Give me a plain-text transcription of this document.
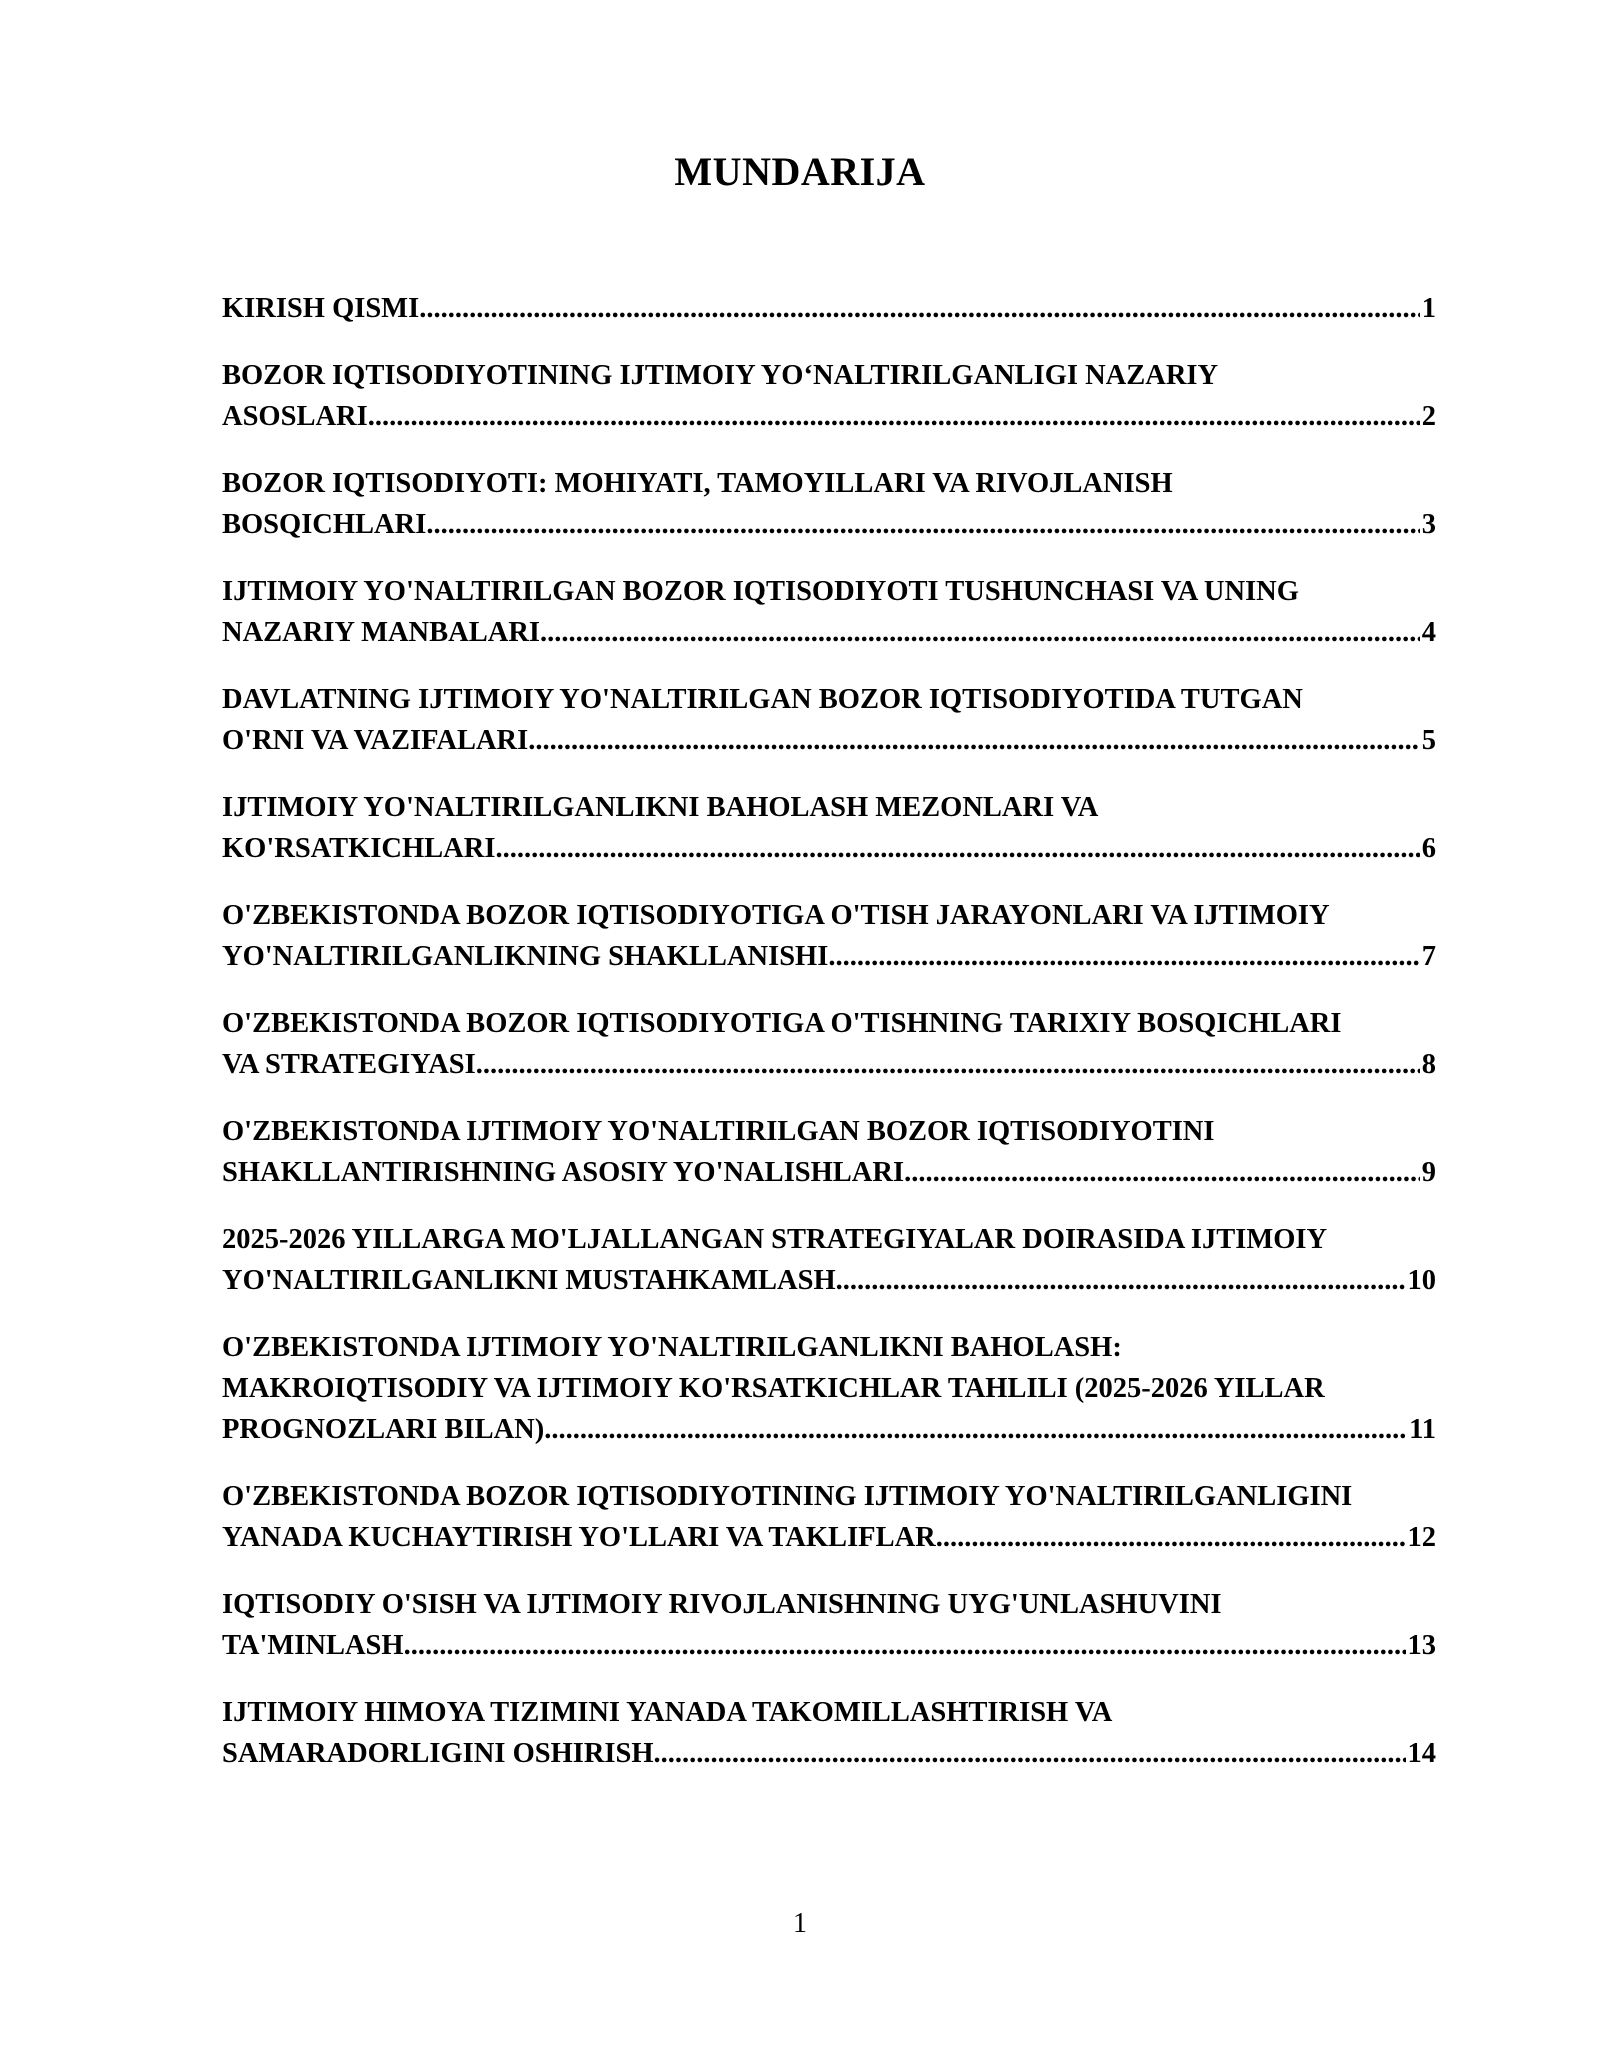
MUNDARIJA
KIRISH QISMI .....	1
BOZOR IQTISODIYOTINING IJTIMOIY YO‘NALTIRILGANLIGI NAZARIY
ASOSLARI .....	2
BOZOR IQTISODIYOTI: MOHIYATI, TAMOYILLARI VA RIVOJLANISH
BOSQICHLARI .....	3
IJTIMOIY YO'NALTIRILGAN BOZOR IQTISODIYOTI TUSHUNCHASI VA UNING
NAZARIY MANBALARI .....	4
DAVLATNING IJTIMOIY YO'NALTIRILGAN BOZOR IQTISODIYOTIDA TUTGAN
O'RNI VA VAZIFALARI .....	5
IJTIMOIY YO'NALTIRILGANLIKNI BAHOLASH MEZONLARI VA
KO'RSATKICHLARI .....	6
O'ZBEKISTONDA BOZOR IQTISODIYOTIGA O'TISH JARAYONLARI VA IJTIMOIY
YO'NALTIRILGANLIKNING SHAKLLANISHI .....	7
O'ZBEKISTONDA BOZOR IQTISODIYOTIGA O'TISHNING TARIXIY BOSQICHLARI
VA STRATEGIYASI .....	8
O'ZBEKISTONDA IJTIMOIY YO'NALTIRILGAN BOZOR IQTISODIYOTINI
SHAKLLANTIRISHNING ASOSIY YO'NALISHLARI .....	9
2025-2026 YILLARGA MO'LJALLANGAN STRATEGIYALAR DOIRASIDA IJTIMOIY
YO'NALTIRILGANLIKNI MUSTAHKAMLASH .....	10
O'ZBEKISTONDA IJTIMOIY YO'NALTIRILGANLIKNI BAHOLASH:
MAKROIQTISODIY VA IJTIMOIY KO'RSATKICHLAR TAHLILI (2025-2026 YILLAR
PROGNOZLARI BILAN) .....	11
O'ZBEKISTONDA BOZOR IQTISODIYOTINING IJTIMOIY YO'NALTIRILGANLIGINI
YANADA KUCHAYTIRISH YO'LLARI VA TAKLIFLAR .....	12
IQTISODIY O'SISH VA IJTIMOIY RIVOJLANISHNING UYG'UNLASHUVINI
TA'MINLASH .....	13
IJTIMOIY HIMOYA TIZIMINI YANADA TAKOMILLASHTIRISH VA
SAMARADORLIGINI OSHIRISH .....	14
1
